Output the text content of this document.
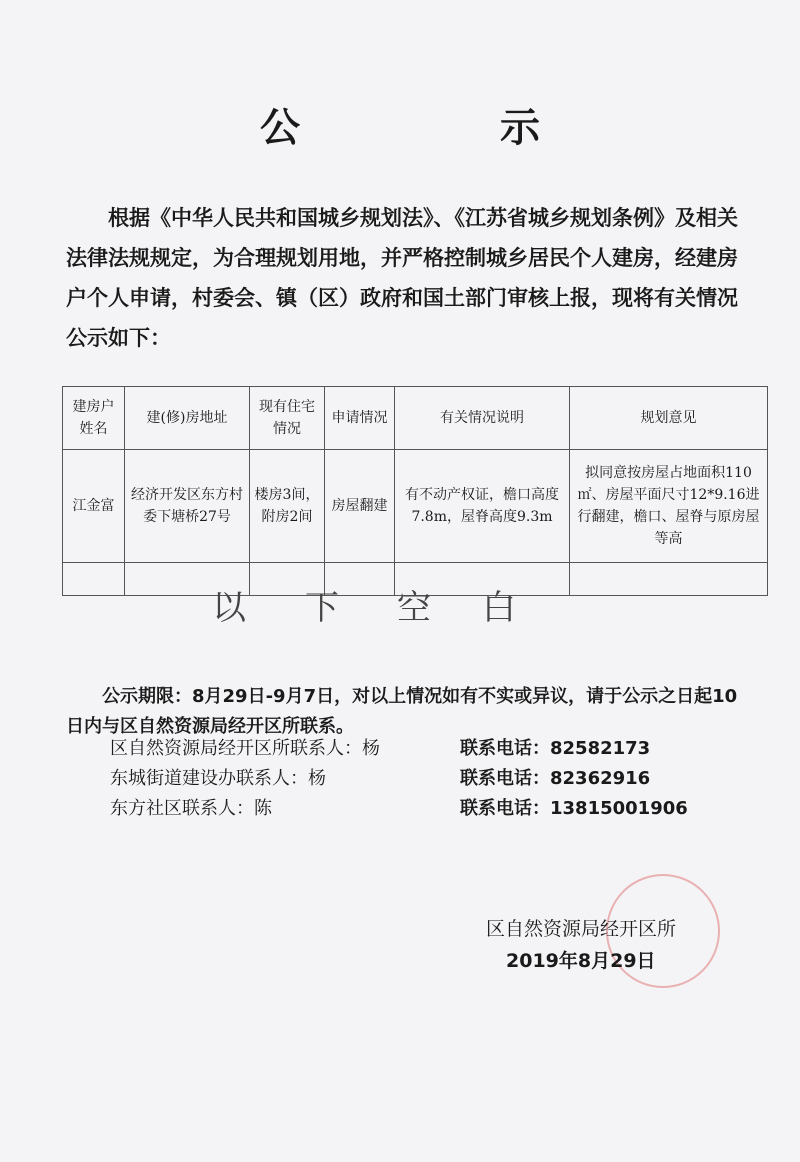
公　示
根据《中华人民共和国城乡规划法》、《江苏省城乡规划条例》及相关法律法规规定，为合理规划用地，并严格控制城乡居民个人建房，经建房户个人申请，村委会、镇（区）政府和国土部门审核上报，现将有关情况公示如下：
建房户姓名	建(修)房地址	现有住宅情况	申请情况	有关情况说明	规划意见
江金富	经济开发区东方村委下塘桥27号	楼房3间，附房2间	房屋翻建	有不动产权证，檐口高度7.8m，屋脊高度9.3m	拟同意按房屋占地面积110㎡、房屋平面尺寸12*9.16进行翻建，檐口、屋脊与原房屋等高

以 下 空 白
公示期限：8月29日-9月7日，对以上情况如有不实或异议，请于公示之日起10日内与区自然资源局经开区所联系。
区自然资源局经开区所联系人：杨	联系电话：82582173
东城街道建设办联系人：杨	联系电话：82362916
东方社区联系人：陈	联系电话：13815001906
区自然资源局经开区所
2019年8月29日
